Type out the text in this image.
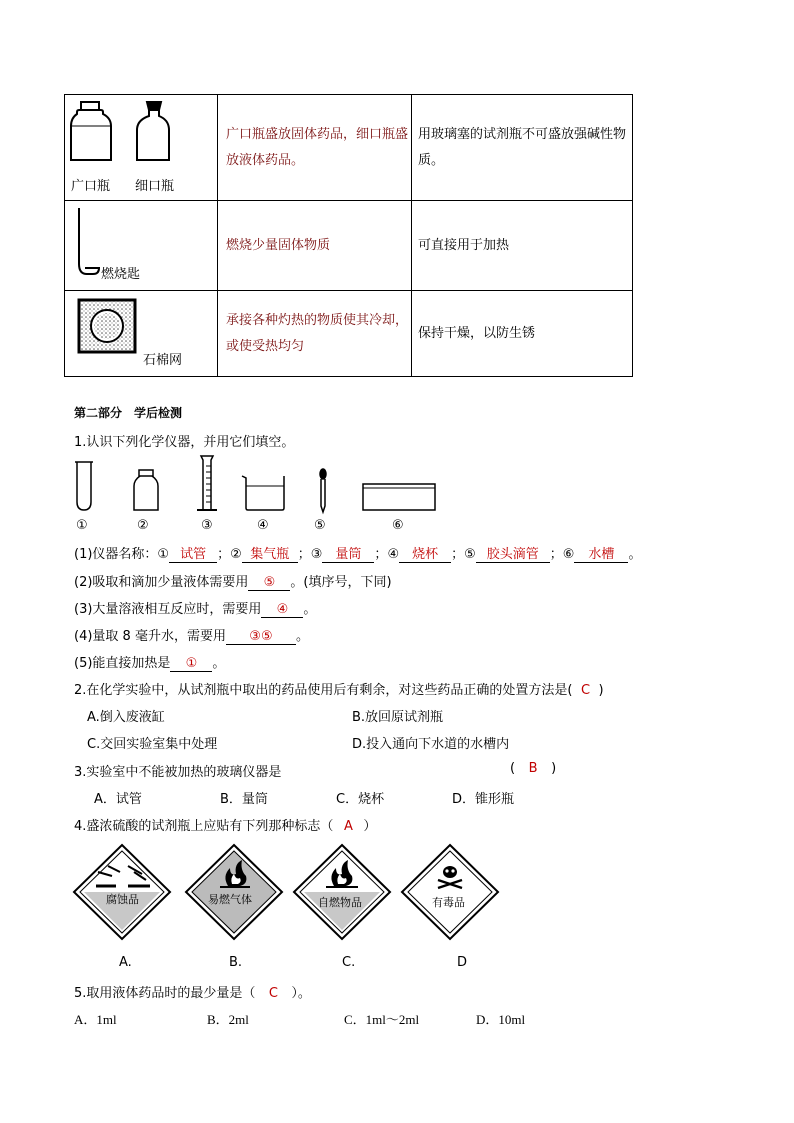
广口瓶 细口瓶	广口瓶盛放固体药品，细口瓶盛放液体药品。	用玻璃塞的试剂瓶不可盛放强碱性物质。

燃烧匙	燃烧少量固体物质	可直接用于加热

石棉网	承接各种灼热的物质使其冷却，或使受热均匀	保持干燥，以防生锈
第二部分　学后检测
1.认识下列化学仪器，并用它们填空。
①	②	③	④	⑤	⑥
(1)仪器名称：① 试管 ；② 集气瓶 ；③ 量筒 ；④ 烧杯 ；⑤ 胶头滴管 ；⑥ 水槽 。
(2)吸取和滴加少量液体需要用 ⑤ 。(填序号，下同)
(3)大量溶液相互反应时，需要用 ④ 。
(4)量取 8 毫升水，需要用 ③⑤ 。
(5)能直接加热是 ① 。
2.在化学实验中，从试剂瓶中取出的药品使用后有剩余，对这些药品正确的处置方法是( C )
A.倒入废液缸	B.放回原试剂瓶
C.交回实验室集中处理	D.投入通向下水道的水槽内
3.实验室中不能被加热的玻璃仪器是	( B )
A．试管	B．量筒	C．烧杯	D．锥形瓶
4.盛浓硫酸的试剂瓶上应贴有下列那种标志（ A ）
腐蚀品	易燃气体	自燃物品	有毒品
A.	B.	C.	D
5.取用液体药品时的最少量是（ C ）。
A．1ml	B．2ml	C．1ml～2ml	D．10ml
